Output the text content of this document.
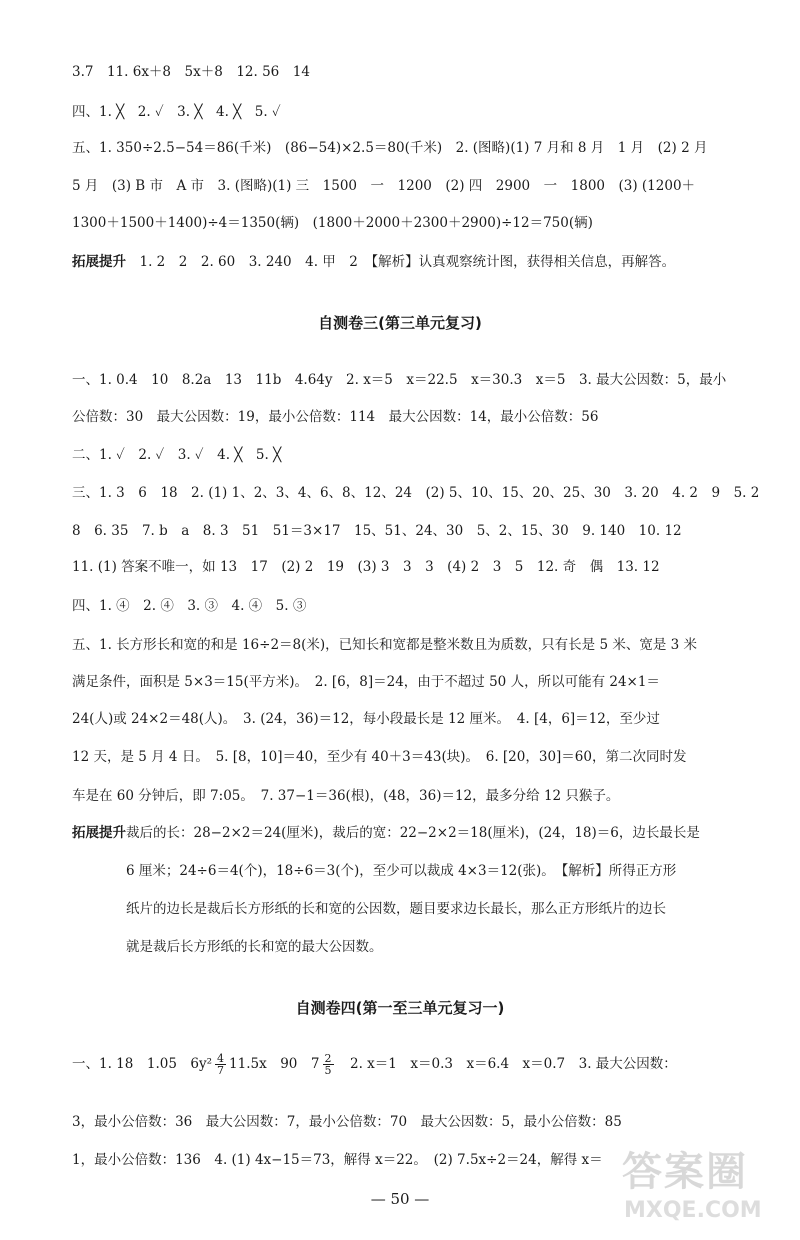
3.7　11. 6x＋8　5x＋8　12. 56　14
四、1. ╳　2. ✓　3. ╳　4. ╳　5. ✓
五、1. 350÷2.5−54＝86(千米)　(86−54)×2.5＝80(千米)　2. (图略)(1) 7 月和 8 月　1 月　(2) 2 月
5 月　(3) B 市　A 市　3. (图略)(1) 三　1500　一　1200　(2) 四　2900　一　1800　(3) (1200＋
1300＋1500＋1400)÷4＝1350(辆)　(1800＋2000＋2300＋2900)÷12＝750(辆)
拓展提升　 1. 2　2　2. 60　3. 240　4. 甲　2　【解析】认真观察统计图，获得相关信息，再解答。
自测卷三(第三单元复习)
一、1. 0.4　10　8.2a　13　11b　4.64y　2. x＝5　x＝22.5　x＝30.3　x＝5　3. 最大公因数：5，最小
公倍数：30　最大公因数：19，最小公倍数：114　最大公因数：14，最小公倍数：56
二、1. ✓　2. ✓　3. ✓　4. ╳　5. ╳
三、1. 3　6　18　2. (1) 1、2、3、4、6、8、12、24　(2) 5、10、15、20、25、30　3. 20　4. 2　9　5. 2
8　6. 35　7. b　a　8. 3　51　51＝3×17　15、51、24、30　5、2、15、30　9. 140　10. 12
11. (1) 答案不唯一，如 13　17　(2) 2　19　(3) 3　3　3　(4) 2　3　5　12. 奇　偶　13. 12
四、1. ④　2. ④　3. ③　4. ④　5. ③
五、1. 长方形长和宽的和是 16÷2＝8(米)，已知长和宽都是整米数且为质数，只有长是 5 米、宽是 3 米
满足条件，面积是 5×3＝15(平方米)。　2. [6，8]＝24，由于不超过 50 人，所以可能有 24×1＝
24(人)或 24×2＝48(人)。　3. (24，36)＝12，每小段最长是 12 厘米。　4. [4，6]＝12，至少过
12 天，是 5 月 4 日。　5. [8，10]＝40，至少有 40＋3＝43(块)。　6. [20，30]＝60，第二次同时发
车是在 60 分钟后，即 7:05。　7. 37−1＝36(根)，(48，36)＝12，最多分给 12 只猴子。
拓展提升 裁后的长：28−2×2＝24(厘米)，裁后的宽：22−2×2＝18(厘米)，(24，18)＝6，边长最长是
6 厘米；24÷6＝4(个)，18÷6＝3(个)，至少可以裁成 4×3＝12(张)。　【解析】所得正方形
纸片的边长是裁后长方形纸的长和宽的公因数，题目要求边长最长，那么正方形纸片的边长
就是裁后长方形纸的长和宽的最大公因数。
自测卷四(第一至三单元复习一)
一、1. 18　1.05　$6y^2 \frac{4}{7} 11.5x$　90　$7 \frac{2}{5}$
　 2. x＝1　x＝0.3　x＝6.4　x＝0.7　3. 最大公因数：
3，最小公倍数：36　最大公因数：7，最小公倍数：70　最大公因数：5，最小公倍数：85
1，最小公倍数：136　4. (1) 4x−15＝73，解得 x＝22。　(2) 7.5x÷2＝24，解得 x＝
— 50 —
答案圈
MXQE.COM
